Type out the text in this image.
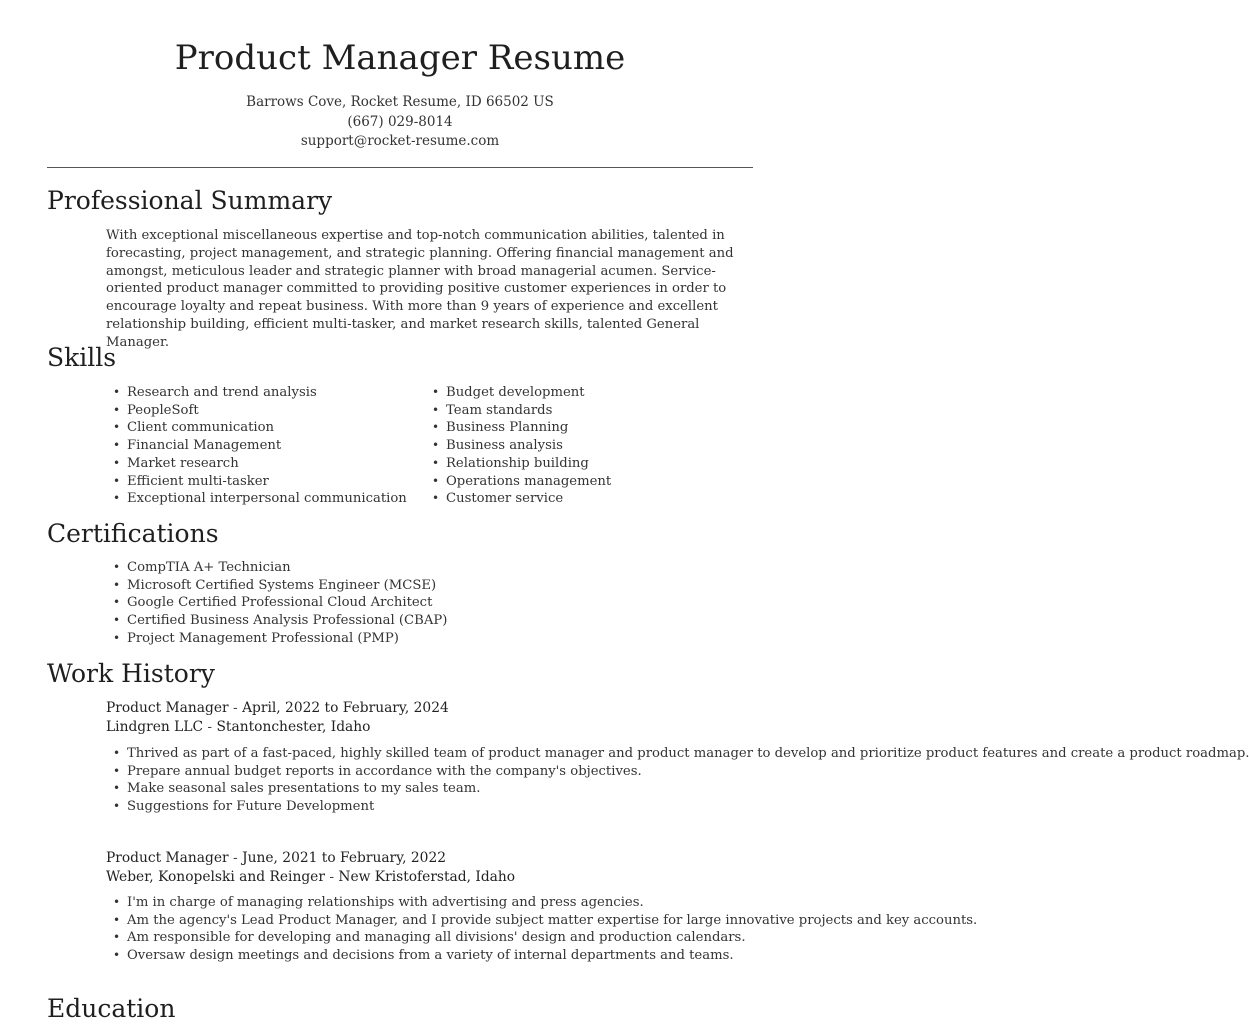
Product Manager Resume
Barrows Cove, Rocket Resume, ID 66502 US
(667) 029-8014
support@rocket-resume.com
Professional Summary

With exceptional miscellaneous expertise and top-notch communication abilities, talented in forecasting, project management, and strategic planning. Offering financial management and amongst, meticulous leader and strategic planner with broad managerial acumen. Service-oriented product manager committed to providing positive customer experiences in order to encourage loyalty and repeat business. With more than 9 years of experience and excellent relationship building, efficient multi-tasker, and market research skills, talented General Manager.

Skills
• Research and trend analysis
• PeopleSoft
• Client communication
• Financial Management
• Market research
• Efficient multi-tasker
• Exceptional interpersonal communication
• Budget development
• Team standards
• Business Planning
• Business analysis
• Relationship building
• Operations management
• Customer service
Certifications
• CompTIA A+ Technician
• Microsoft Certified Systems Engineer (MCSE)
• Google Certified Professional Cloud Architect
• Certified Business Analysis Professional (CBAP)
• Project Management Professional (PMP)
Work History
Product Manager - April, 2022 to February, 2024
Lindgren LLC - Stantonchester, Idaho
• Thrived as part of a fast-paced, highly skilled team of product manager and product manager to develop and prioritize product features and create a product roadmap.
• Prepare annual budget reports in accordance with the company's objectives.
• Make seasonal sales presentations to my sales team.
• Suggestions for Future Development
Product Manager - June, 2021 to February, 2022
Weber, Konopelski and Reinger - New Kristoferstad, Idaho
• I'm in charge of managing relationships with advertising and press agencies.
• Am the agency's Lead Product Manager, and I provide subject matter expertise for large innovative projects and key accounts.
• Am responsible for developing and managing all divisions' design and production calendars.
• Oversaw design meetings and decisions from a variety of internal departments and teams.
Education
